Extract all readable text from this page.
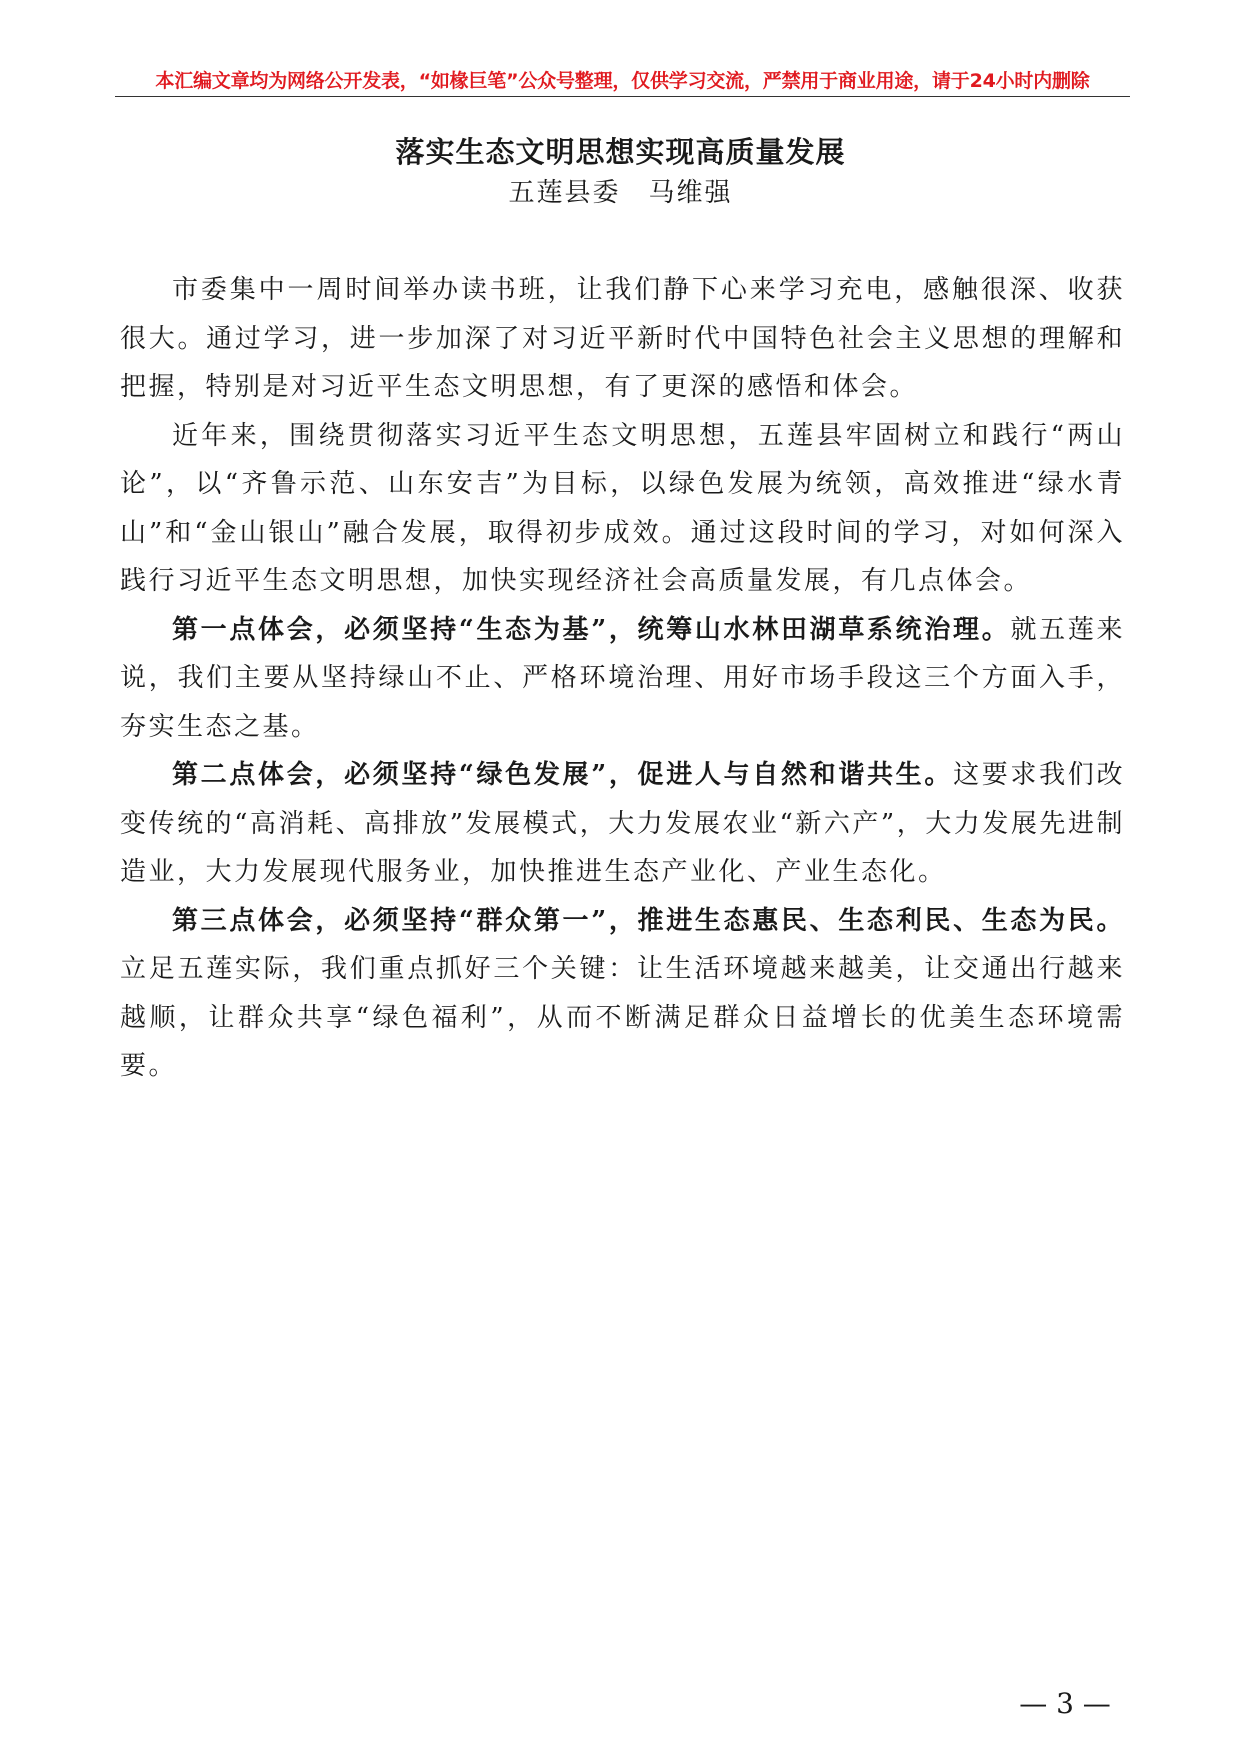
本汇编文章均为网络公开发表，“如椽巨笔”公众号整理，仅供学习交流，严禁用于商业用途，请于24小时内删除
落实生态文明思想实现高质量发展
五莲县委　马维强

市委集中一周时间举办读书班，让我们静下心来学习充电，感触很深、收获很大。通过学习，进一步加深了对习近平新时代中国特色社会主义思想的理解和把握，特别是对习近平生态文明思想，有了更深的感悟和体会。

近年来，围绕贯彻落实习近平生态文明思想，五莲县牢固树立和践行“两山论”，以“齐鲁示范、山东安吉”为目标，以绿色发展为统领，高效推进“绿水青山”和“金山银山”融合发展，取得初步成效。通过这段时间的学习，对如何深入践行习近平生态文明思想，加快实现经济社会高质量发展，有几点体会。

第一点体会，必须坚持“生态为基”，统筹山水林田湖草系统治理。就五莲来说，我们主要从坚持绿山不止、严格环境治理、用好市场手段这三个方面入手，夯实生态之基。

第二点体会，必须坚持“绿色发展”，促进人与自然和谐共生。这要求我们改变传统的“高消耗、高排放”发展模式，大力发展农业“新六产”，大力发展先进制造业，大力发展现代服务业，加快推进生态产业化、产业生态化。

第三点体会，必须坚持“群众第一”，推进生态惠民、生态利民、生态为民。立足五莲实际，我们重点抓好三个关键：让生活环境越来越美，让交通出行越来越顺，让群众共享“绿色福利”，从而不断满足群众日益增长的优美生态环境需要。

— 3 —
